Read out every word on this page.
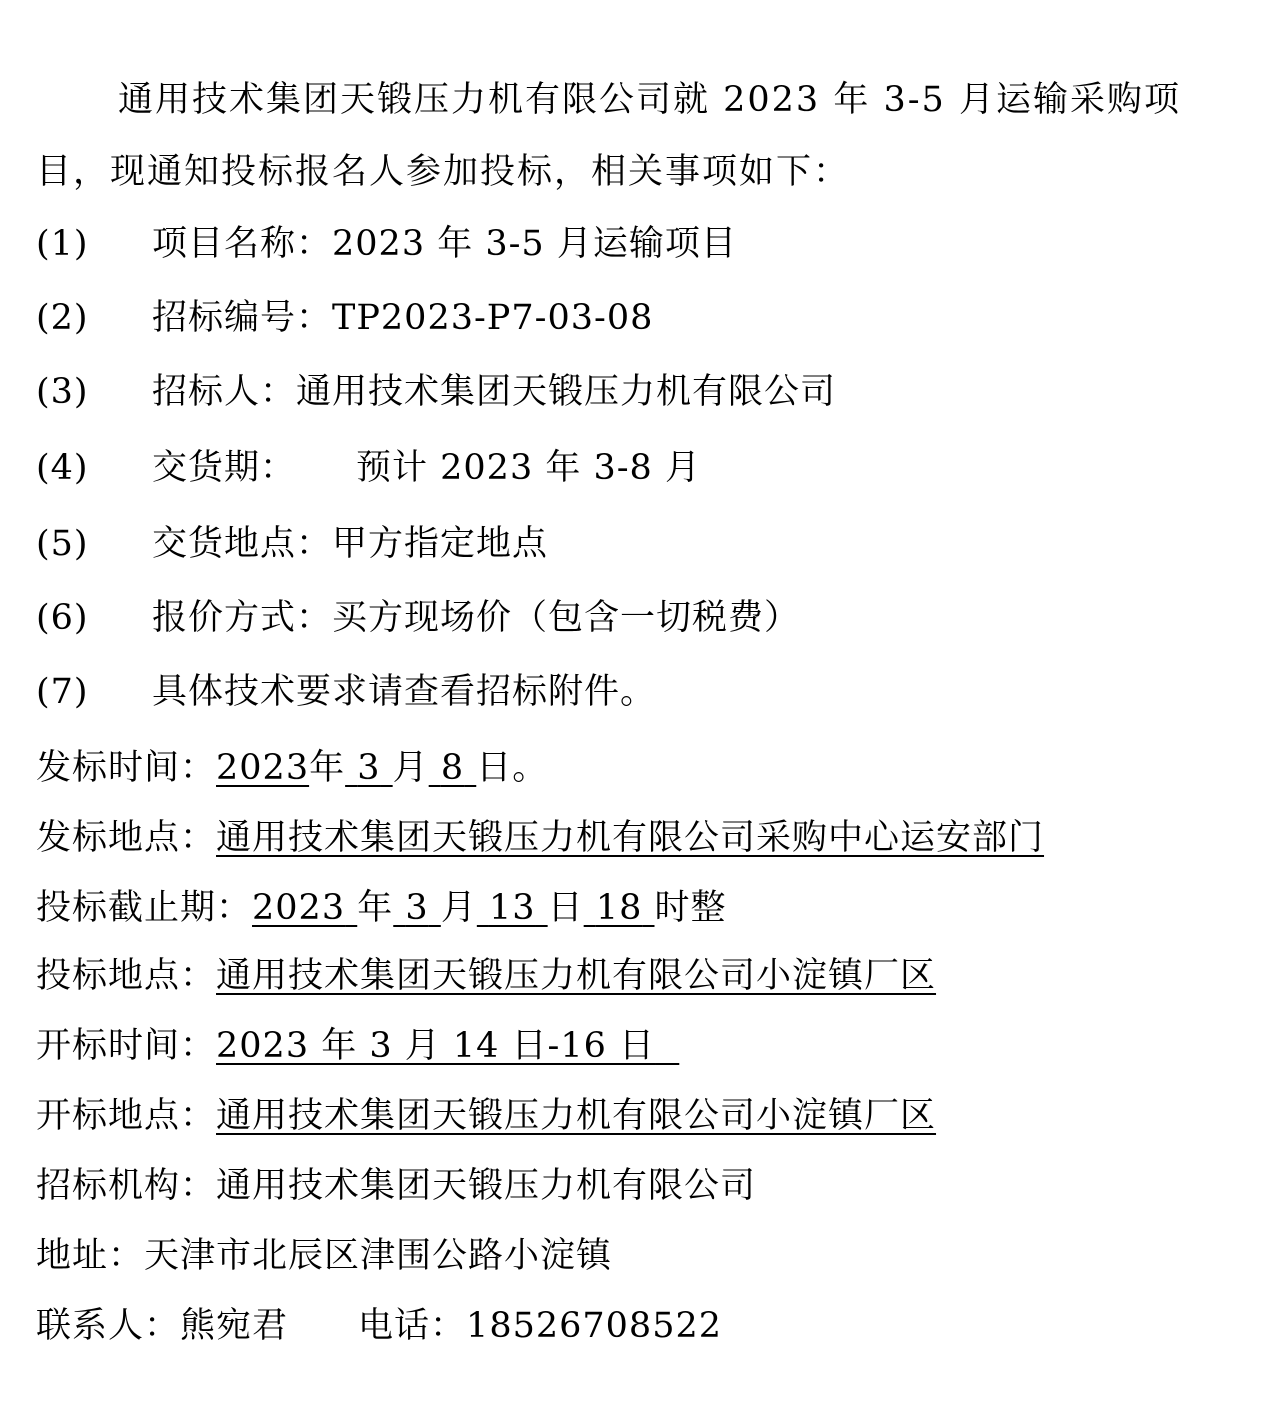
通用技术集团天锻压力机有限公司就 2023 年 3-5 月运输采购项
目，现通知投标报名人参加投标，相关事项如下：
(1) 项目名称：2023 年 3-5 月运输项目
(2) 招标编号：TP2023-P7-03-08
(3) 招标人：通用技术集团天锻压力机有限公司
(4) 交货期： 预计 2023 年 3-8 月
(5) 交货地点：甲方指定地点
(6) 报价方式：买方现场价（包含一切税费）
(7) 具体技术要求请查看招标附件。
发标时间：2023年 3 月 8 日。
发标地点：通用技术集团天锻压力机有限公司采购中心运安部门
投标截止期：2023 年 3 月 13 日 18 时整
投标地点：通用技术集团天锻压力机有限公司小淀镇厂区
开标时间：2023 年 3 月 14 日-16 日
开标地点：通用技术集团天锻压力机有限公司小淀镇厂区
招标机构：通用技术集团天锻压力机有限公司
地址：天津市北辰区津围公路小淀镇
联系人：熊宛君 电话：18526708522
